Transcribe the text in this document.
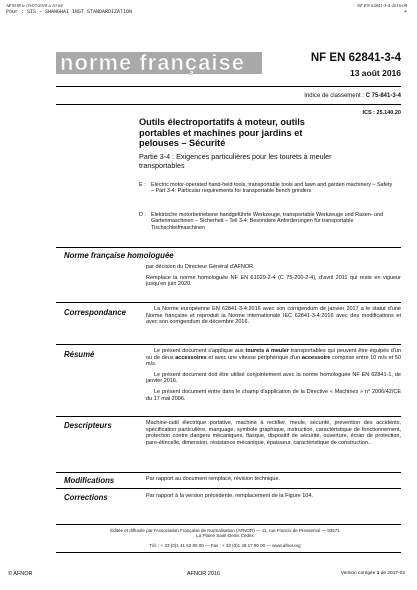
AFNOR le 03/07/2018 à 10:04
Pour : SIS - SHANGHAI INST STANDARDIZATION
NF EN 62841-3-4:2016-08
+
norme française	NF EN 62841-3-4
13 août 2016
Indice de classement : C 75-841-3-4
ICS : 25.140.20
Outils électroportatifs à moteur, outils portables et machines pour jardins et pelouses – Sécurité
Partie 3-4 : Exigences particulières pour les tourets à meuler transportables
E : Electric motor-operated hand-held tools, transportable tools and lawn and garden machinery – Safety – Part 3-4: Particular requirements for transportable bench grinders
D : Elektrische motorbetriebene handgeführte Werkzeuge, transportable Werkzeuge und Rasen- und Gartenmaschinen – Sicherheit – Teil 3-4: Besondere Anforderungen für transportable Tischschleifmaschinen
Norme française homologuée

par décision du Directeur Général d'AFNOR.

Remplace la norme homologuée NF EN 61029-2-4 (C 75-200-2-4), d'avril 2011 qui reste en vigueur jusqu'en juin 2020.

Correspondance	La Norme européenne EN 62841-3-4:2016 avec son corrigendum de janvier 2017 a le statut d'une Norme française et reproduit la Norme internationale IEC 62841-3-4:2016 avec des modifications et avec son corrigendum de décembre 2016.

Résumé	Le présent document s'applique aux tourets à meuler transportables qui peuvent être équipés d'un ou de deux accessoires et avec une vitesse périphérique d'un accessoire comprise entre 10 m/s et 50 m/s.

Le présent document doit être utilisé conjointement avec la norme homologuée NF EN 62841-1, de janvier 2016.

Le présent document entre dans le champ d'application de la Directive « Machines » n° 2006/42/CE du 17 mai 2006.

Descripteurs	Machine-outil électrique portative, machine à rectifier, meule, sécurité, prévention des accidents, spécification particulière, marquage, symbole graphique, instruction, caractéristique de fonctionnement, protection contre dangers mécaniques, flasque, dispositif de sécurité, ouverture, écran de protection, pare-étincelle, dimension, résistance mécanique, épaisseur, caractéristique de construction..

Modifications	Par rapport au document remplacé, révision technique.

Corrections	Par rapport à la version précédente, remplacement de la Figure 104.

Éditée et diffusée par l'Association Française de Normalisation (AFNOR) — 11, rue Francis de Pressensé — 93571 La Plaine Saint-Denis Cedex
Tél. : + 33 (0)1 41 62 80 00 — Fax : + 33 (0)1 49 17 90 00 — www.afnor.org
© AFNOR	AFNOR 2016	Version corrigée 1 de 2017-02
